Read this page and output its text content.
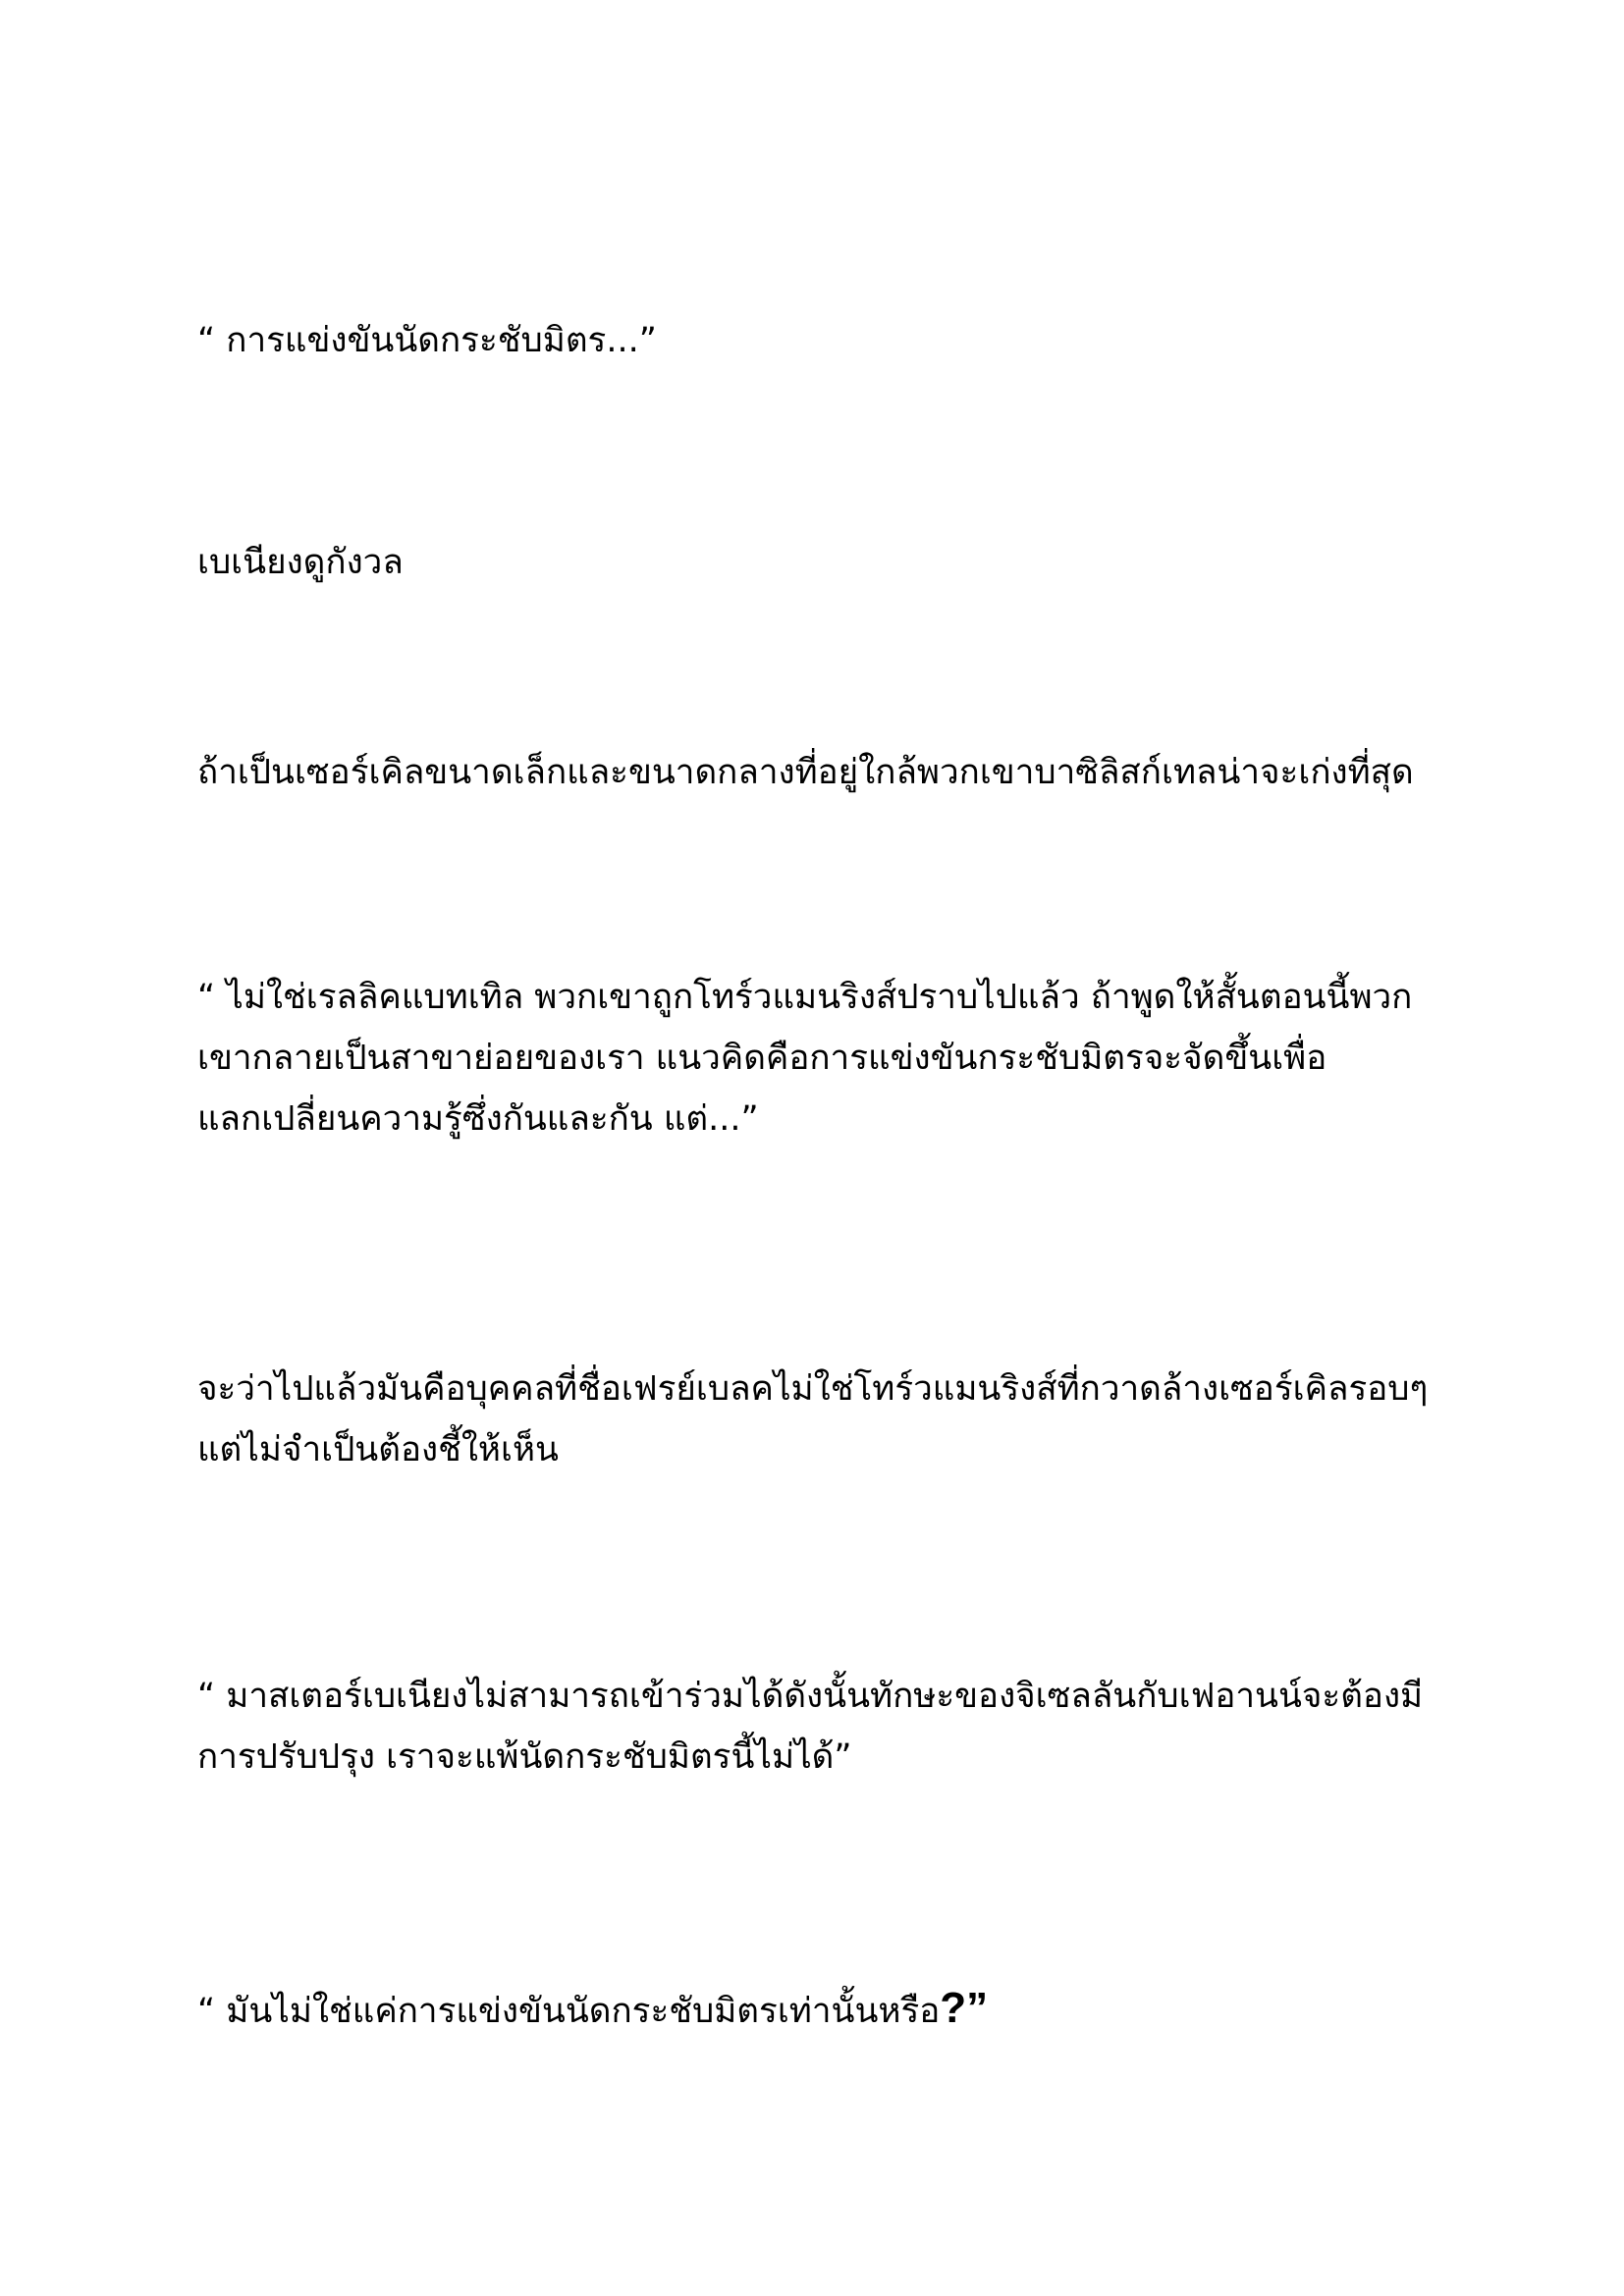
“ การแข่งขันนัดกระชับมิตร...”

เบเนียงดูกังวล

ถ้าเป็นเซอร์เคิลขนาดเล็กและขนาดกลางที่อยู่ใกล้พวกเขาบาซิลิสก์เทลน่าจะเก่งที่สุด

“ ไม่ใช่เรลลิคแบทเทิล พวกเขาถูกโทร์วแมนริงส์ปราบไปแล้ว ถ้าพูดให้สั้นตอนนี้พวก
เขากลายเป็นสาขาย่อยของเรา แนวคิดคือการแข่งขันกระชับมิตรจะจัดขึ้นเพื่อ
แลกเปลี่ยนความรู้ซึ่งกันและกัน แต่...”

จะว่าไปแล้วมันคือบุคคลที่ชื่อเฟรย์เบลคไม่ใช่โทร์วแมนริงส์ที่กวาดล้างเซอร์เคิลรอบๆ
แต่ไม่จำเป็นต้องชี้ให้เห็น

“ มาสเตอร์เบเนียงไม่สามารถเข้าร่วมได้ดังนั้นทักษะของจิเซลลันกับเฟอานน์จะต้องมี
การปรับปรุง เราจะแพ้นัดกระชับมิตรนี้ไม่ได้”

“ มันไม่ใช่แค่การแข่งขันนัดกระชับมิตรเท่านั้นหรือ?”
